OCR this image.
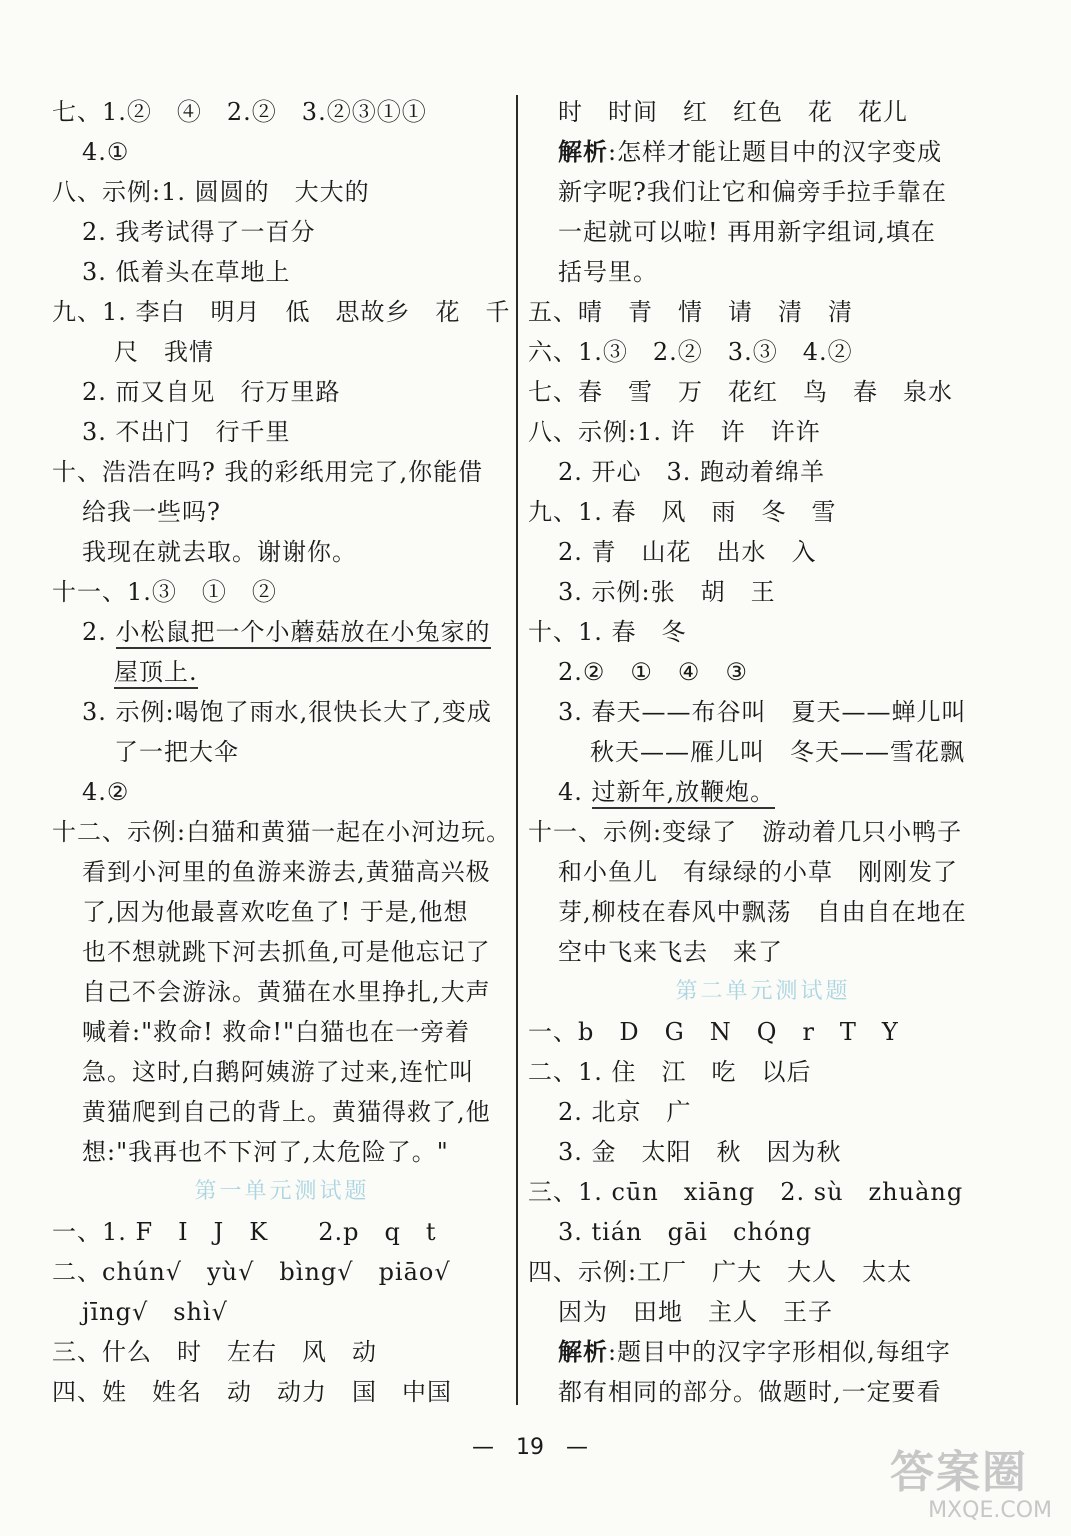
七、1.②　④　2.②　3.②③①①
4.①
八、示例:1. 圆圆的　大大的
2. 我考试得了一百分
3. 低着头在草地上
九、1. 李白　明月　低　思故乡　花　千
尺　我情
2. 而又自见　行万里路
3. 不出门　行千里
十、浩浩在吗? 我的彩纸用完了,你能借
给我一些吗?
我现在就去取。谢谢你。
十一、1.③　①　②
2. 小松鼠把一个小蘑菇放在小兔家的
屋顶上.
3. 示例:喝饱了雨水,很快长大了,变成
了一把大伞
4.②
十二、示例:白猫和黄猫一起在小河边玩。
看到小河里的鱼游来游去,黄猫高兴极
了,因为他最喜欢吃鱼了! 于是,他想
也不想就跳下河去抓鱼,可是他忘记了
自己不会游泳。黄猫在水里挣扎,大声
喊着:"救命! 救命!"白猫也在一旁着
急。这时,白鹅阿姨游了过来,连忙叫
黄猫爬到自己的背上。黄猫得救了,他
想:"我再也不下河了,太危险了。"
第一单元测试题
一、1. F　I　J　K　　2.p　q　t
二、chún√　yù√　bìng√　piāo√
jīng√　shì√
三、什么　时　左右　风　动
四、姓　姓名　动　动力　国　中国
时　时间　红　红色　花　花儿
解析:怎样才能让题目中的汉字变成
新字呢?我们让它和偏旁手拉手靠在
一起就可以啦! 再用新字组词,填在
括号里。
五、晴　青　情　请　清　清
六、1.③　2.②　3.③　4.②
七、春　雪　万　花红　鸟　春　泉水
八、示例:1. 许　许　许许
2. 开心　3. 跑动着绵羊
九、1. 春　风　雨　冬　雪
2. 青　山花　出水　入
3. 示例:张　胡　王
十、1. 春　冬
2.②　①　④　③
3. 春天——布谷叫　夏天——蝉儿叫
秋天——雁儿叫　冬天——雪花飘
4. 过新年,放鞭炮。
十一、示例:变绿了　游动着几只小鸭子
和小鱼儿　有绿绿的小草　刚刚发了
芽,柳枝在春风中飘荡　自由自在地在
空中飞来飞去　来了
第二单元测试题
一、b　D　G　N　Q　r　T　Y
二、1. 住　江　吃　以后
2. 北京　广
3. 金　太阳　秋　因为秋
三、1. cūn　xiāng　2. sù　zhuàng
3. tián　gāi　chóng
四、示例:工厂　广大　大人　太太
因为　田地　主人　王子
解析:题目中的汉字字形相似,每组字
都有相同的部分。做题时,一定要看
—　19　—	答案圈
MXQE.COM
